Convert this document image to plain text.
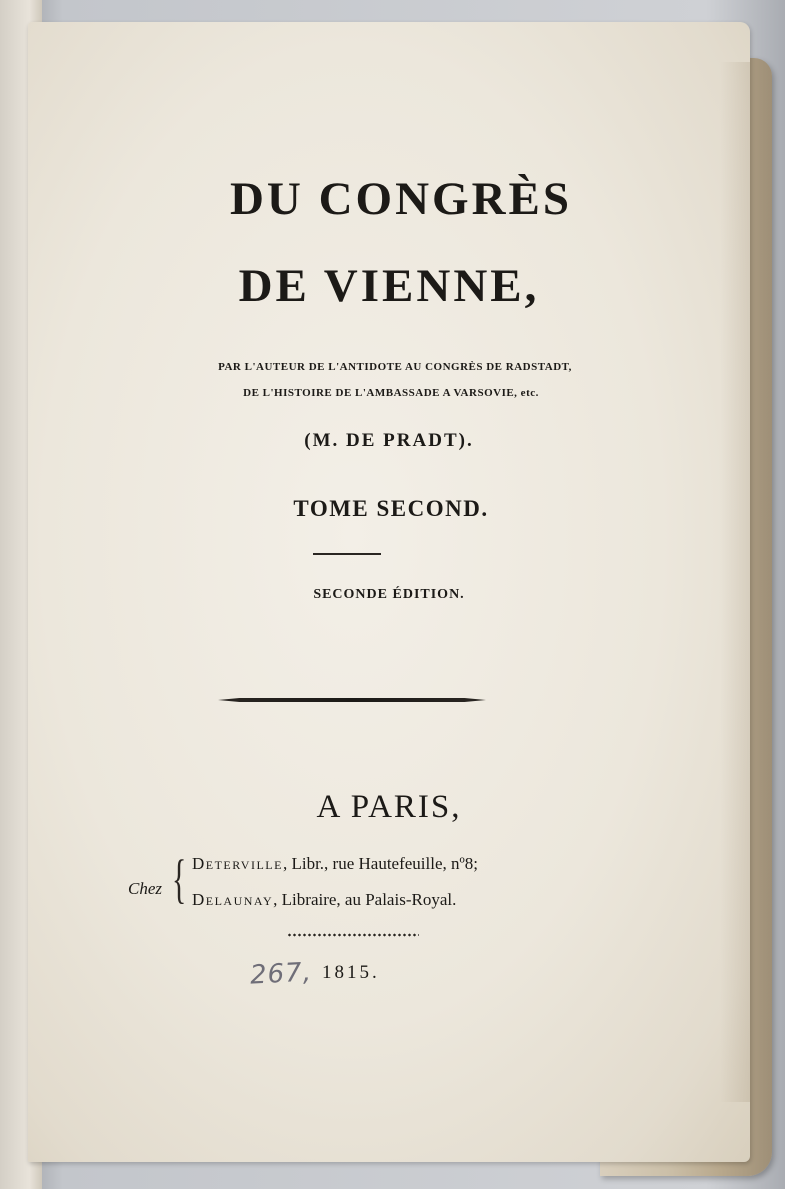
DU CONGRÈS
DE VIENNE,
PAR L'AUTEUR DE L'ANTIDOTE AU CONGRÈS DE RADSTADT,
DE L'HISTOIRE DE L'AMBASSADE A VARSOVIE, etc.
(M. DE PRADT).
TOME SECOND.
SECONDE ÉDITION.
A PARIS,
Chez { Deterville, Libr., rue Hautefeuille, nº8;
Delaunay, Libraire, au Palais-Royal.
267, 1815.
